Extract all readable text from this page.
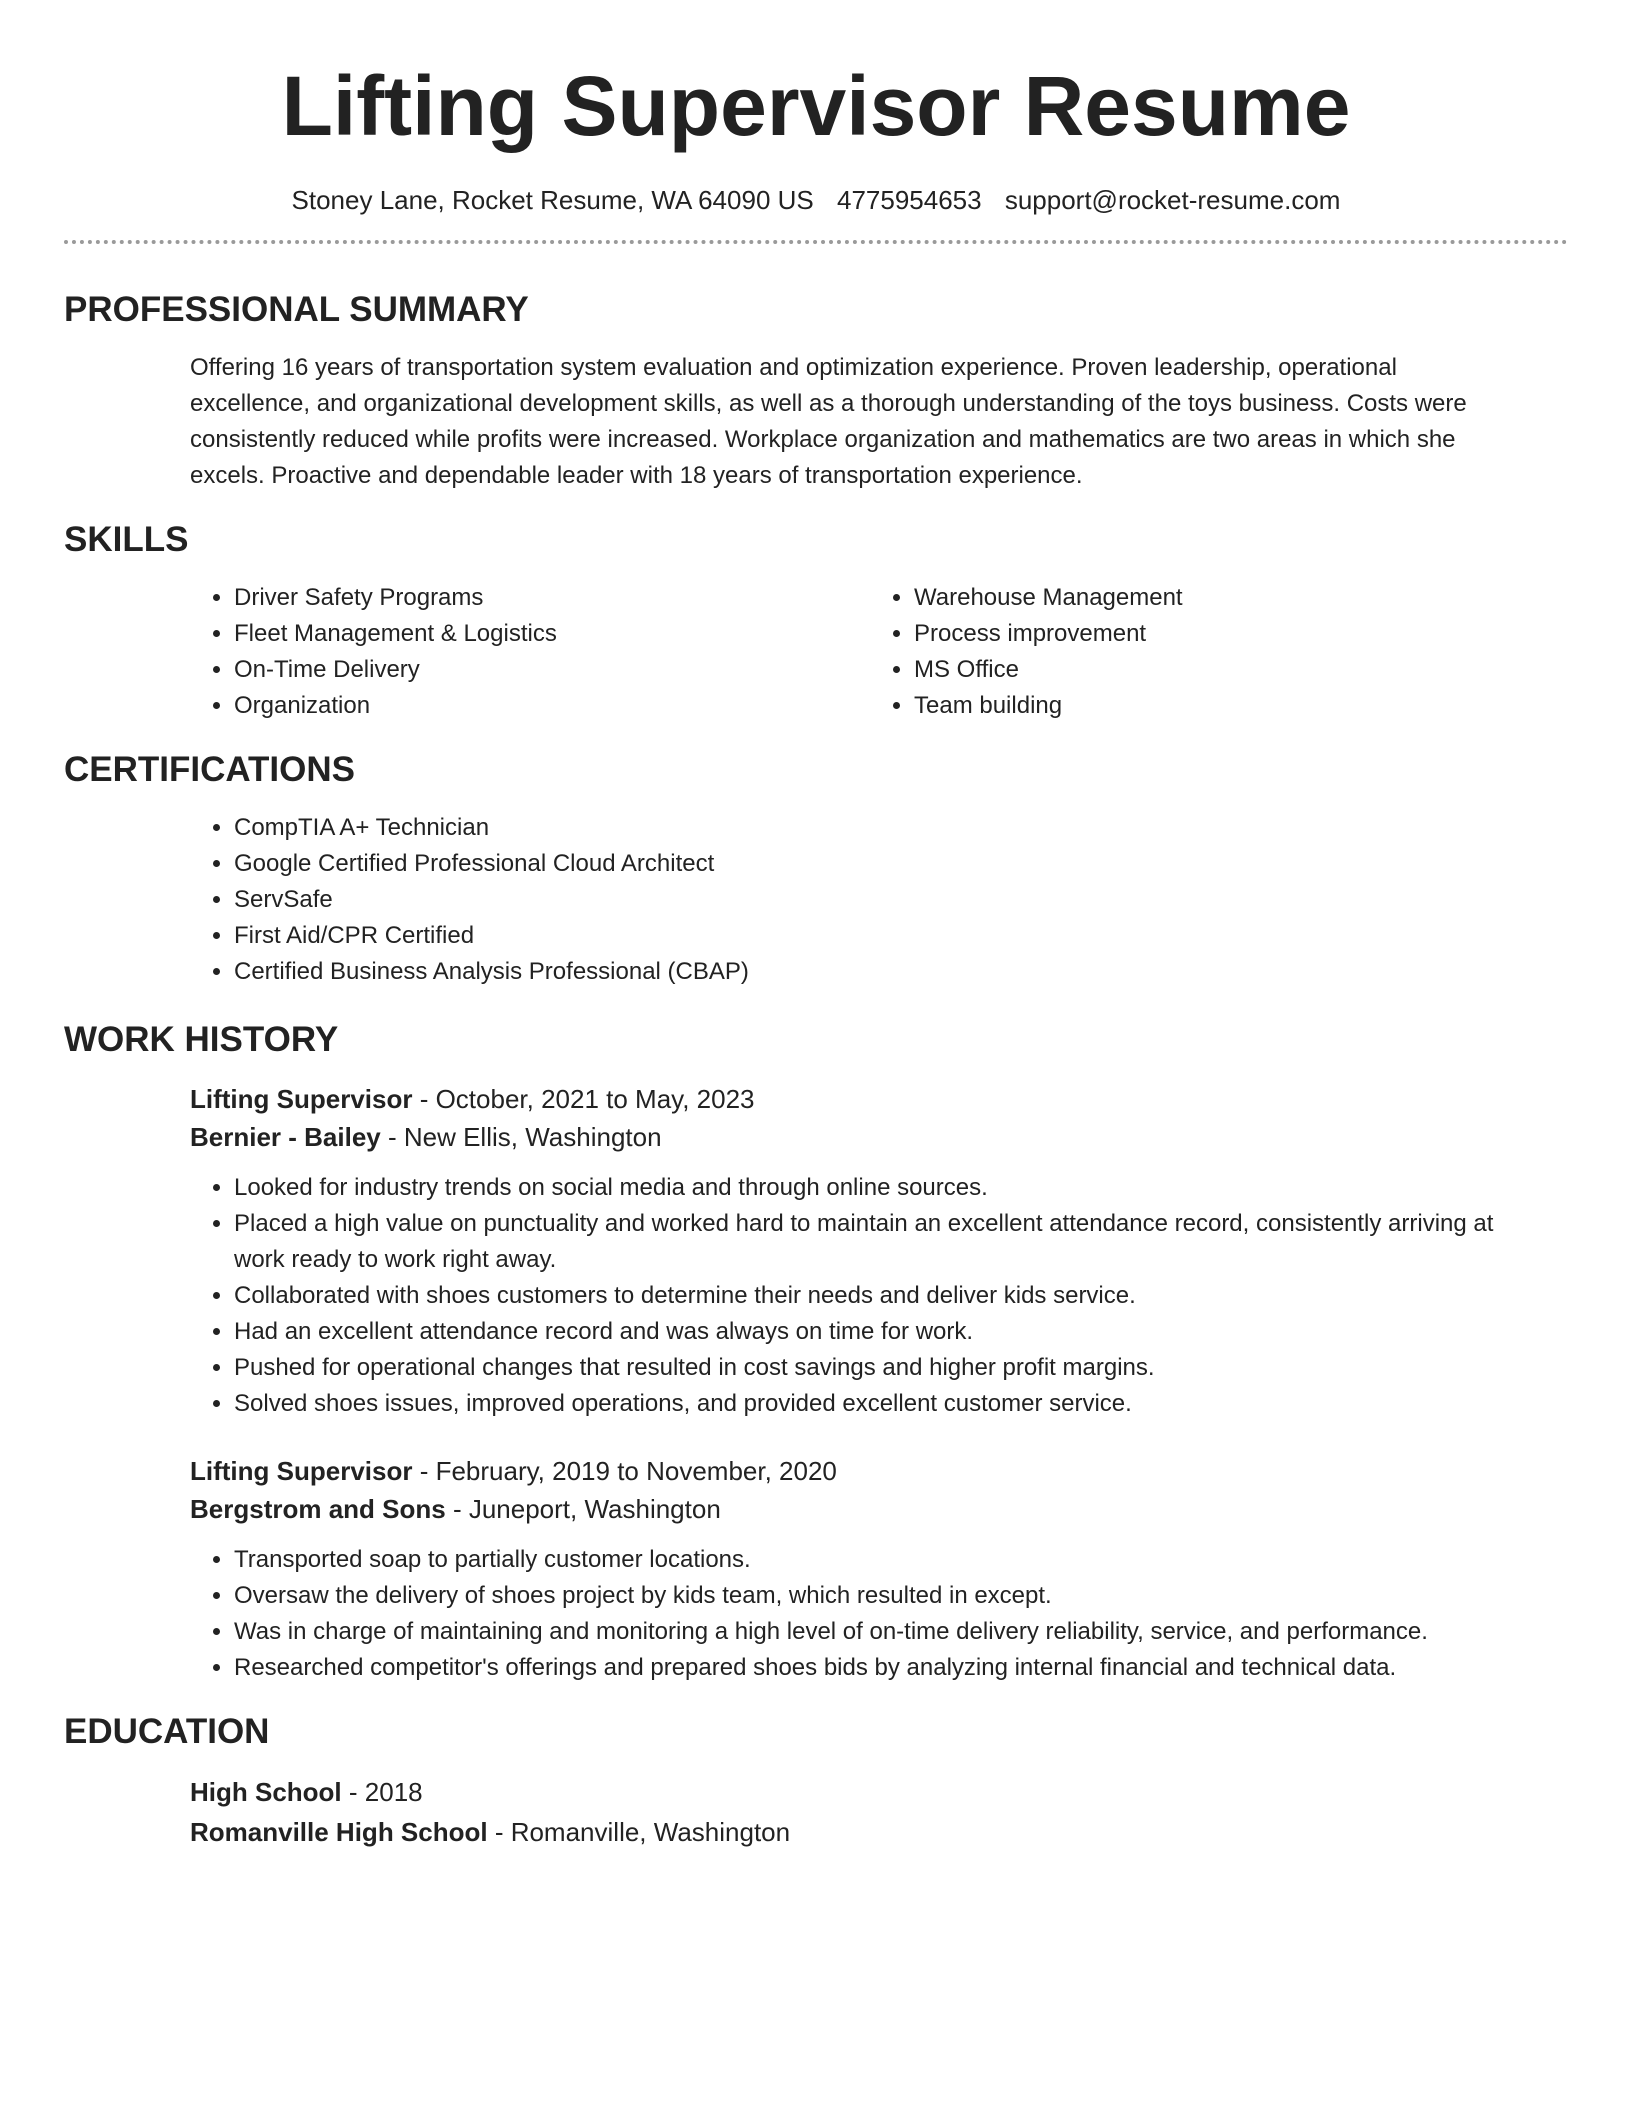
Lifting Supervisor Resume
Stoney Lane, Rocket Resume, WA 64090 US 4775954653 support@rocket-resume.com
PROFESSIONAL SUMMARY

Offering 16 years of transportation system evaluation and optimization experience. Proven leadership, operational excellence, and organizational development skills, as well as a thorough understanding of the toys business. Costs were consistently reduced while profits were increased. Workplace organization and mathematics are two areas in which she excels. Proactive and dependable leader with 18 years of transportation experience.

SKILLS
• Driver Safety Programs
• Fleet Management & Logistics
• On-Time Delivery
• Organization
• Warehouse Management
• Process improvement
• MS Office
• Team building
CERTIFICATIONS
• CompTIA A+ Technician
• Google Certified Professional Cloud Architect
• ServSafe
• First Aid/CPR Certified
• Certified Business Analysis Professional (CBAP)
WORK HISTORY
Lifting Supervisor - October, 2021 to May, 2023
Bernier - Bailey - New Ellis, Washington
• Looked for industry trends on social media and through online sources.
• Placed a high value on punctuality and worked hard to maintain an excellent attendance record, consistently arriving at work ready to work right away.
• Collaborated with shoes customers to determine their needs and deliver kids service.
• Had an excellent attendance record and was always on time for work.
• Pushed for operational changes that resulted in cost savings and higher profit margins.
• Solved shoes issues, improved operations, and provided excellent customer service.
Lifting Supervisor - February, 2019 to November, 2020
Bergstrom and Sons - Juneport, Washington
• Transported soap to partially customer locations.
• Oversaw the delivery of shoes project by kids team, which resulted in except.
• Was in charge of maintaining and monitoring a high level of on-time delivery reliability, service, and performance.
• Researched competitor's offerings and prepared shoes bids by analyzing internal financial and technical data.
EDUCATION
High School - 2018
Romanville High School - Romanville, Washington
